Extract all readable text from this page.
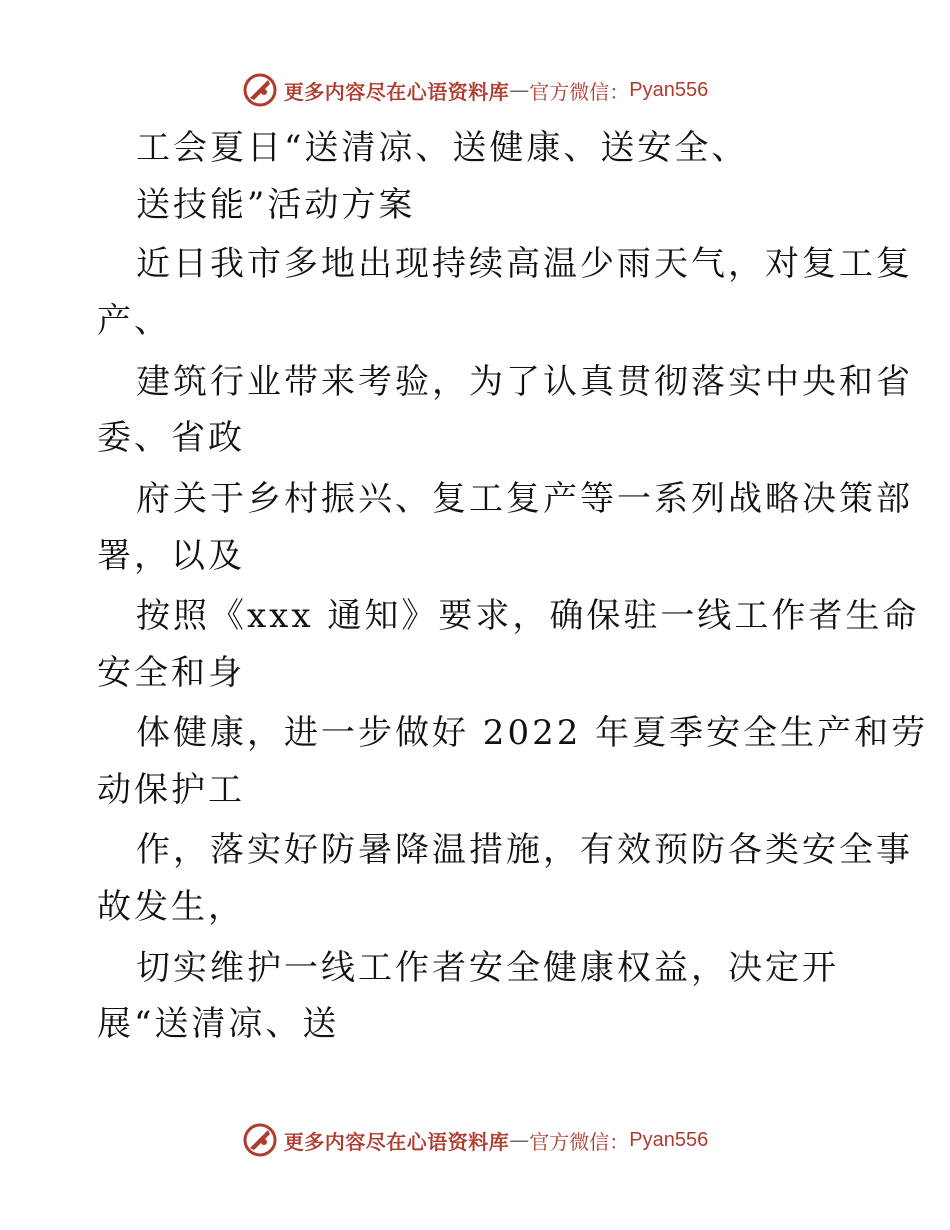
更多内容尽在心语资料库 — 官方微信： Pyan556
工会夏日“送清凉、送健康、送安全、
送技能”活动方案
近日我市多地出现持续高温少雨天气，对复工复
产、
建筑行业带来考验，为了认真贯彻落实中央和省
委、省政
府关于乡村振兴、复工复产等一系列战略决策部
署，以及
按照《xxx 通知》要求，确保驻一线工作者生命
安全和身
体健康，进一步做好 2022 年夏季安全生产和劳
动保护工
作，落实好防暑降温措施，有效预防各类安全事
故发生，
切实维护一线工作者安全健康权益，决定开
展“送清凉、送
更多内容尽在心语资料库 — 官方微信： Pyan556
